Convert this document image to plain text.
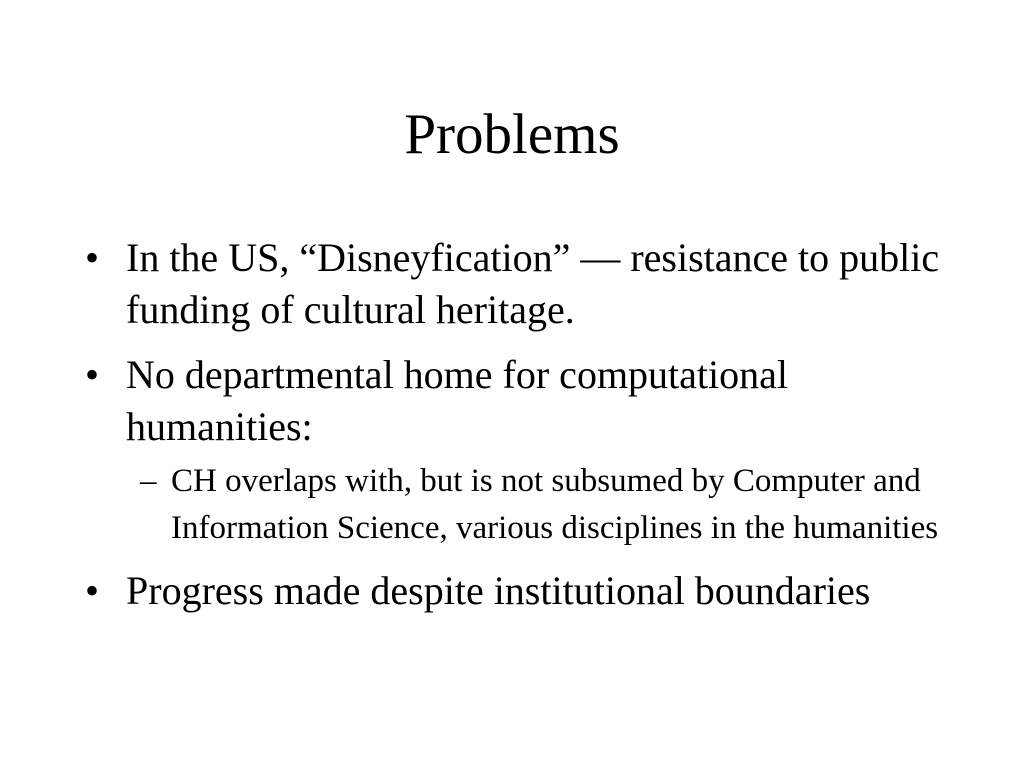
Problems
• In the US, “Disneyfication” — resistance to public funding of cultural heritage.
• No departmental home for computational humanities:
– CH overlaps with, but is not subsumed by Computer and Information Science, various disciplines in the humanities
• Progress made despite institutional boundaries
